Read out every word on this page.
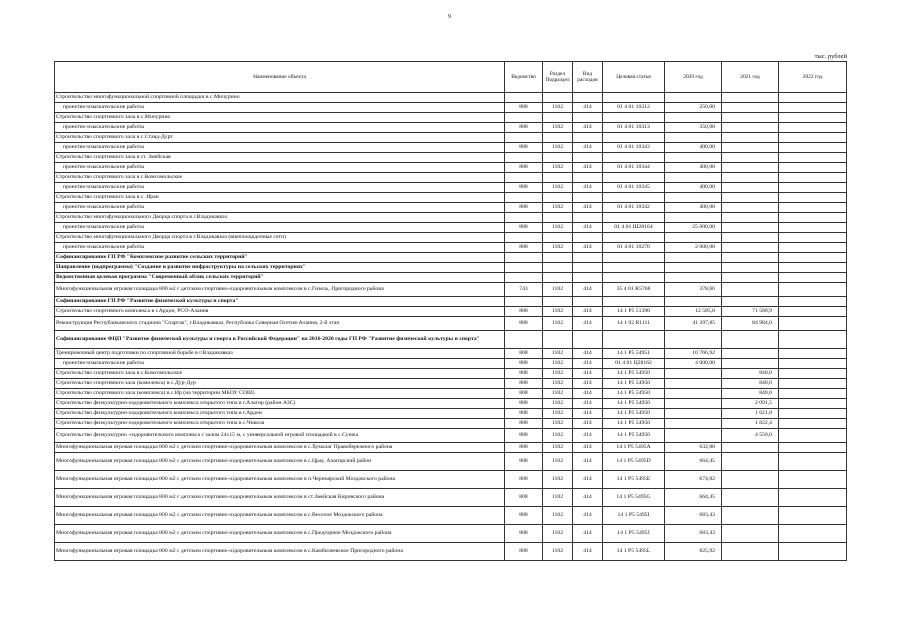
9
тыс. рублей
Наименование объекта	Ведомство	Раздел Подраздел	Вид расходов	Целевая статья	2020 год	2021 год	2022 год
Строительство многофункциональной спортивной площадки в с.Мичурино							
проектно-изыскательские работы	808	1102	414	01 4 01 10312	250,00		
Строительство спортивного зала в с.Мичурино							
проектно-изыскательские работы	808	1102	414	01 4 01 10313	350,00		
Строительство спортивного зала в с.Ставд-Дурт							
проектно-изыскательские работы	808	1102	414	01 4 01 10343	400,00		
Строительство спортивного зала в ст. Змейская							
проектно-изыскательские работы	808	1102	414	01 4 01 10344	400,00		
Строительство спортивного зала в с.Комсомольское							
проектно-изыскательские работы	808	1102	414	01 4 01 10345	400,00		
Строительство спортивного зала в с. Ирaн							
проектно-изыскательские работы	808	1102	414	01 4 01 10342	400,00		
Строительство многофункционального Дворца спорта в г.Владикавказ							
проектно-изыскательские работы	808	1102	414	01 4 01 Ш28164	25 000,00		
Строительство многофункционального Дворца спорта в г.Владикавказ (внеплощадочные сети)							
проектно-изыскательские работы	808	1102	414	01 4 01 10276	2 000,00		
Софинансирование ГП РФ "Комплексное развитие сельских территорий"							
Направление (подпрограмма) "Создание и развитие инфраструктуры на сельских территориях"							
Ведомственная целевая программа "Современный облик сельских территорий"							
Многофункциональная игровая площадка 800 м2 с детским спортивно-оздоровительным комплексом в с.Гизель, Пригородного района	743	1102	414	35 4 01 R5768	378,66		
Софинансирование ГП РФ "Развитие физической культуры и спорта"							
Строительство спортивного комплекса в г.Ардон, РСО-Алания	808	1102	414	14 1 P5 51390	12 585,0	71 580,9	
Реконструкция Республиканского стадиона "Спартак", г.Владикавказ, Республика Северная Осетия-Алания, 2-й этап	808	1102	414	14 1 02 R1111	41 397,85	84 984,0	
Софинансирование ФЦП "Развитие физической культуры и спорта в Российской Федерации" на 2016-2020 годы ГП РФ "Развитие физической культуры и спорта"							
Тренировочный центр подготовки по спортивной борьбе в г.Владикавказ	808	1102	414	14 1 P5 54951	10 766,92		
проектно-изыскательские работы	808	1102	414	01 4 01 Ц28162	4 000,00		
Строительство спортивного зала в с.Комсомольское	808	1102	414	14 1 P5 54950		840,0	
Строительство спортивного зала (комплекса) в с.Дур-Дур	808	1102	414	14 1 P5 54950		840,0	
Строительство спортивного зала (комплекса) в с.Ир (на территории МБОУ СОШ)	808	1102	414	14 1 P5 54950		840,0	
Строительство физкультурно-оздоровительного комплекса открытого типа в г.Алагир (район АЗС)	808	1102	414	14 1 P5 54950		2 091,5	
Строительство физкультурно-оздоровительного комплекса открытого типа в г.Ардон	808	1102	414	14 1 P5 54950		1 621,8	
Строительство физкультурно-оздоровительного комплекса открытого типа в с.Чикола	808	1102	414	14 1 P5 54950		1 822,4	
Строительство физкультурно -оздоровительного комплекса с залом 24x15 м, с универсальной игровой площадкой в с.Сунжа	808	1102	414	14 1 P5 54950		4 550,0	
Многофункциональная игровая площадка 800 м2 с детским спортивно-оздоровительным комплексом в с.Хумалаг Правобережного района	808	1102	414	14 1 P5 5495A	632,80		
Многофункциональная игровая площадка 800 м2 с детским спортивно-оздоровительным комплексом в с.Црау, Алагирский район	808	1102	414	14 1 P5 5495D	664,45		
Многофункциональная игровая площадка 800 м2 с детским спортивно-оздоровительным комплексом в п.Черноярский Моздокского района	808	1102	414	14 1 P5 5495E	674,82		
Многофункциональная игровая площадка 800 м2 с детским спортивно-оздоровительным комплексом в ст.Змейская Кировского района	808	1102	414	14 1 P5 5495G	664,45		
Многофункциональная игровая площадка 800 м2 с детским спортивно-оздоровительным комплексом в с.Веселое Моздокского района	808	1102	414	14 1 P5 5495I	683,43		
Многофункциональная игровая площадка 800 м2 с детским спортивно-оздоровительным комплексом в с.Предгорное Моздокского района	808	1102	414	14 1 P5 5495J	683,43		
Многофункциональная игровая площадка 800 м2 с детским спортивно-оздоровительным комплексом в с.Камбилеевское Пригородного района	808	1102	414	14 1 P5 5495L	825,92		
